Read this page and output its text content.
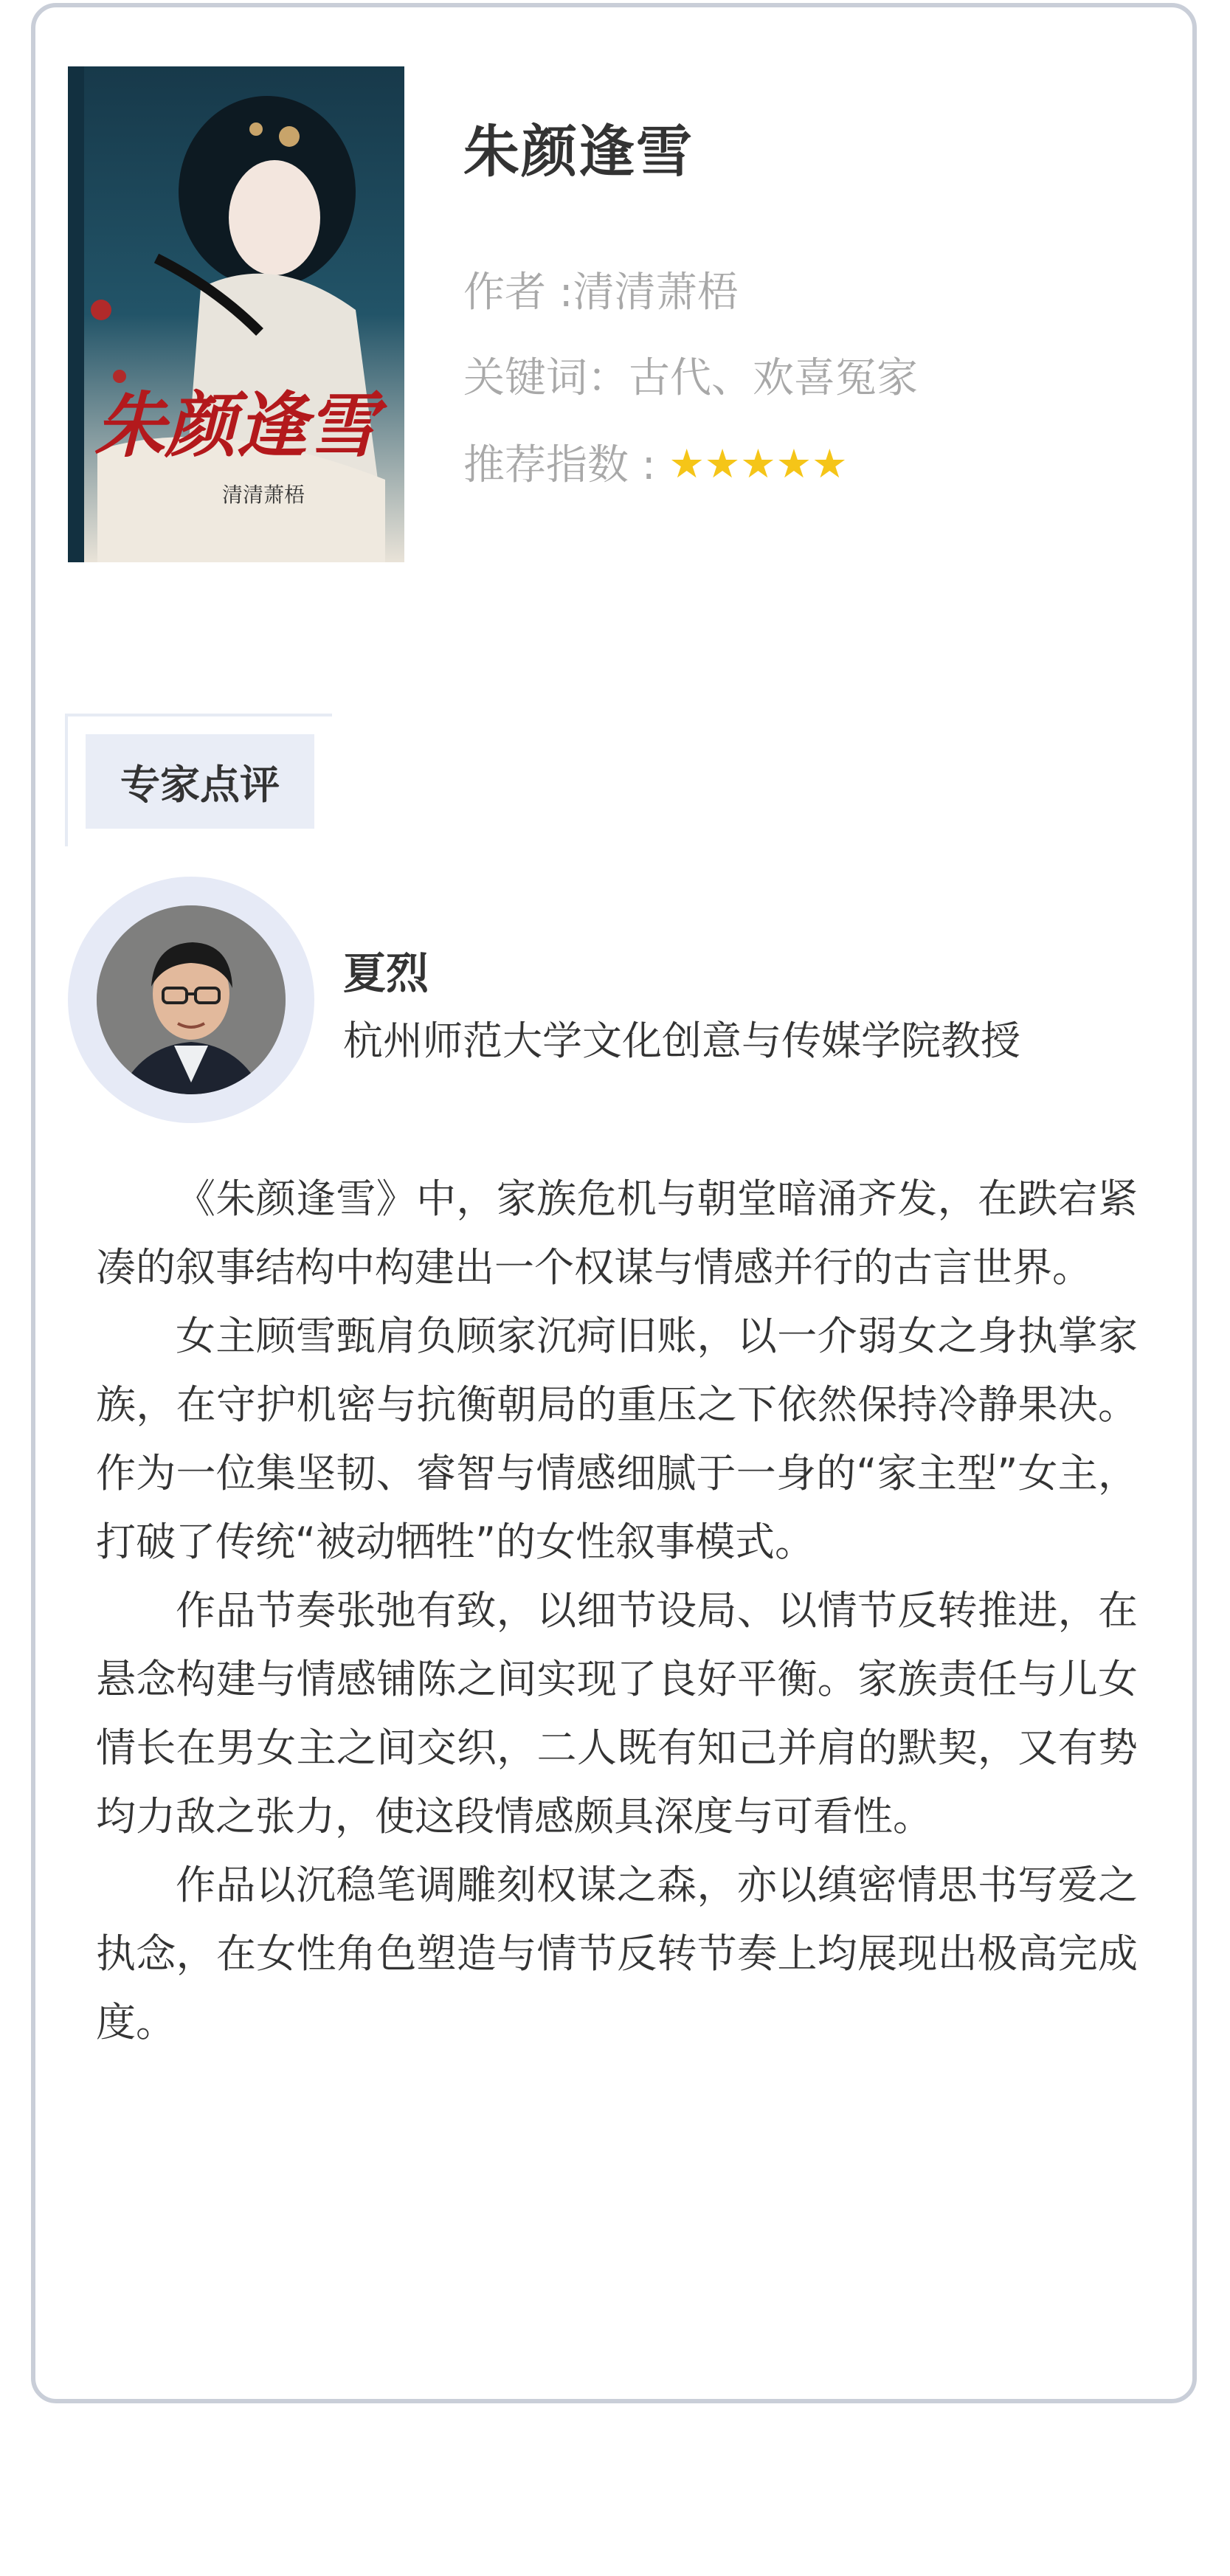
朱颜逢雪
清清萧梧
朱颜逢雪
作者 :清清萧梧
关键词：古代、欢喜冤家
推荐指数 : ★★★★★
专家点评
夏烈
杭州师范大学文化创意与传媒学院教授

《朱颜逢雪》中，家族危机与朝堂暗涌齐发，在跌宕紧凑的叙事结构中构建出一个权谋与情感并行的古言世界。

女主顾雪甄肩负顾家沉疴旧账，以一介弱女之身执掌家族，在守护机密与抗衡朝局的重压之下依然保持冷静果决。作为一位集坚韧、睿智与情感细腻于一身的“家主型”女主，打破了传统“被动牺牲”的女性叙事模式。

作品节奏张弛有致，以细节设局、以情节反转推进，在悬念构建与情感铺陈之间实现了良好平衡。家族责任与儿女情长在男女主之间交织，二人既有知己并肩的默契，又有势均力敌之张力，使这段情感颇具深度与可看性。

作品以沉稳笔调雕刻权谋之森，亦以缜密情思书写爱之执念，在女性角色塑造与情节反转节奏上均展现出极高完成度。
